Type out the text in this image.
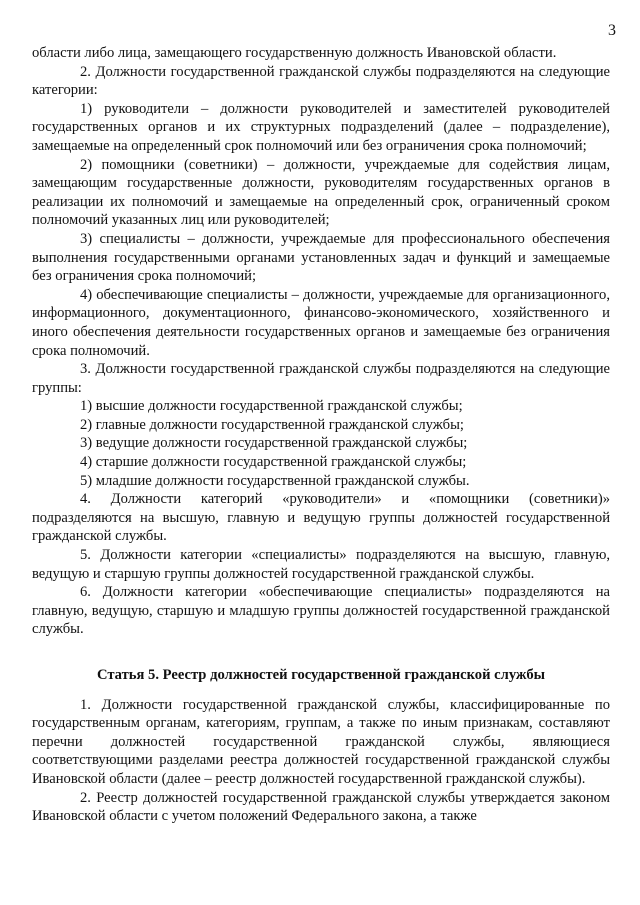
3

области либо лица, замещающего государственную должность Ивановской области.

2. Должности государственной гражданской службы подразделяются на следующие категории:

1) руководители – должности руководителей и заместителей руководителей государственных органов и их структурных подразделений (далее – подразделение), замещаемые на определенный срок полномочий или без ограничения срока полномочий;

2) помощники (советники) – должности, учреждаемые для содействия лицам, замещающим государственные должности, руководителям государственных органов в реализации их полномочий и замещаемые на определенный срок, ограниченный сроком полномочий указанных лиц или руководителей;

3) специалисты – должности, учреждаемые для профессионального обеспечения выполнения государственными органами установленных задач и функций и замещаемые без ограничения срока полномочий;

4) обеспечивающие специалисты – должности, учреждаемые для организационного, информационного, документационного, финансово-экономического, хозяйственного и иного обеспечения деятельности государственных органов и замещаемые без ограничения срока полномочий.

3. Должности государственной гражданской службы подразделяются на следующие группы:

1) высшие должности государственной гражданской службы;

2) главные должности государственной гражданской службы;

3) ведущие должности государственной гражданской службы;

4) старшие должности государственной гражданской службы;

5) младшие должности государственной гражданской службы.

4. Должности категорий «руководители» и «помощники (советники)» подразделяются на высшую, главную и ведущую группы должностей государственной гражданской службы.

5. Должности категории «специалисты» подразделяются на высшую, главную, ведущую и старшую группы должностей государственной гражданской службы.

6. Должности категории «обеспечивающие специалисты» подразделяются на главную, ведущую, старшую и младшую группы должностей государственной гражданской службы.

Статья 5. Реестр должностей государственной гражданской службы

1. Должности государственной гражданской службы, классифицированные по государственным органам, категориям, группам, а также по иным признакам, составляют перечни должностей государственной гражданской службы, являющиеся соответствующими разделами реестра должностей государственной гражданской службы Ивановской области (далее – реестр должностей государственной гражданской службы).

2. Реестр должностей государственной гражданской службы утверждается законом Ивановской области с учетом положений Федерального закона, а также
